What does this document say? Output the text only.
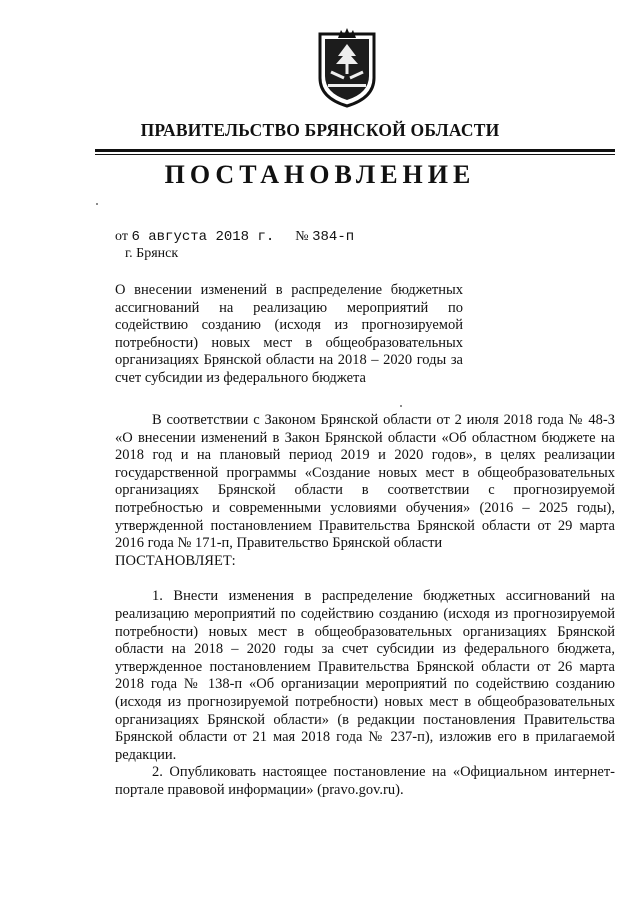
ПРАВИТЕЛЬСТВО БРЯНСКОЙ ОБЛАСТИ
ПОСТАНОВЛЕНИЕ
от 6 августа 2018 г. № 384-п
г. Брянск
О внесении изменений в распределение бюджетных ассигнований на реализацию мероприятий по содействию созданию (исходя из прогнозируемой потребности) новых мест в общеобразовательных организациях Брянской области на 2018 – 2020 годы за счет субсидии из федерального бюджета

В соответствии с Законом Брянской области от 2 июля 2018 года № 48-З «О внесении изменений в Закон Брянской области «Об областном бюджете на 2018 год и на плановый период 2019 и 2020 годов», в целях реализации государственной программы «Создание новых мест в общеобразовательных организациях Брянской области в соответствии с прогнозируемой потребностью и современными условиями обучения» (2016 – 2025 годы), утвержденной постановлением Правительства Брянской области от 29 марта 2016 года № 171-п, Правительство Брянской области

ПОСТАНОВЛЯЕТ:

1. Внести изменения в распределение бюджетных ассигнований на реализацию мероприятий по содействию созданию (исходя из прогнозируемой потребности) новых мест в общеобразовательных организациях Брянской области на 2018 – 2020 годы за счет субсидии из федерального бюджета, утвержденное постановлением Правительства Брянской области от 26 марта 2018 года № 138-п «Об организации мероприятий по содействию созданию (исходя из прогнозируемой потребности) новых мест в общеобразовательных организациях Брянской области» (в редакции постановления Правительства Брянской области от 21 мая 2018 года № 237-п), изложив его в прилагаемой редакции.

2. Опубликовать настоящее постановление на «Официальном интернет-портале правовой информации» (pravo.gov.ru).
